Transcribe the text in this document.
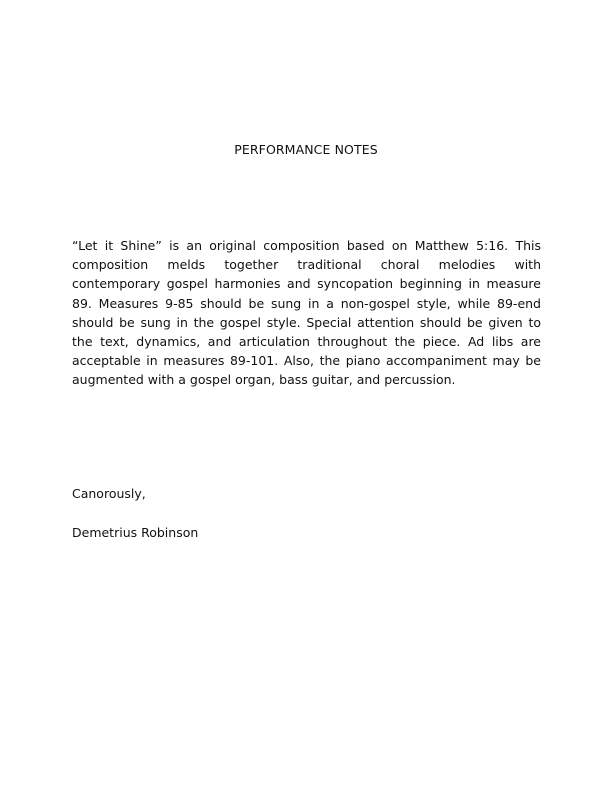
PERFORMANCE NOTES

“Let it Shine” is an original composition based on Matthew 5:16. This composition melds together traditional choral melodies with contemporary gospel harmonies and syncopation beginning in measure 89. Measures 9-85 should be sung in a non-gospel style, while 89-end should be sung in the gospel style. Special attention should be given to the text, dynamics, and articulation throughout the piece. Ad libs are acceptable in measures 89-101. Also, the piano accompaniment may be augmented with a gospel organ, bass guitar, and percussion.

Canorously,

Demetrius Robinson
